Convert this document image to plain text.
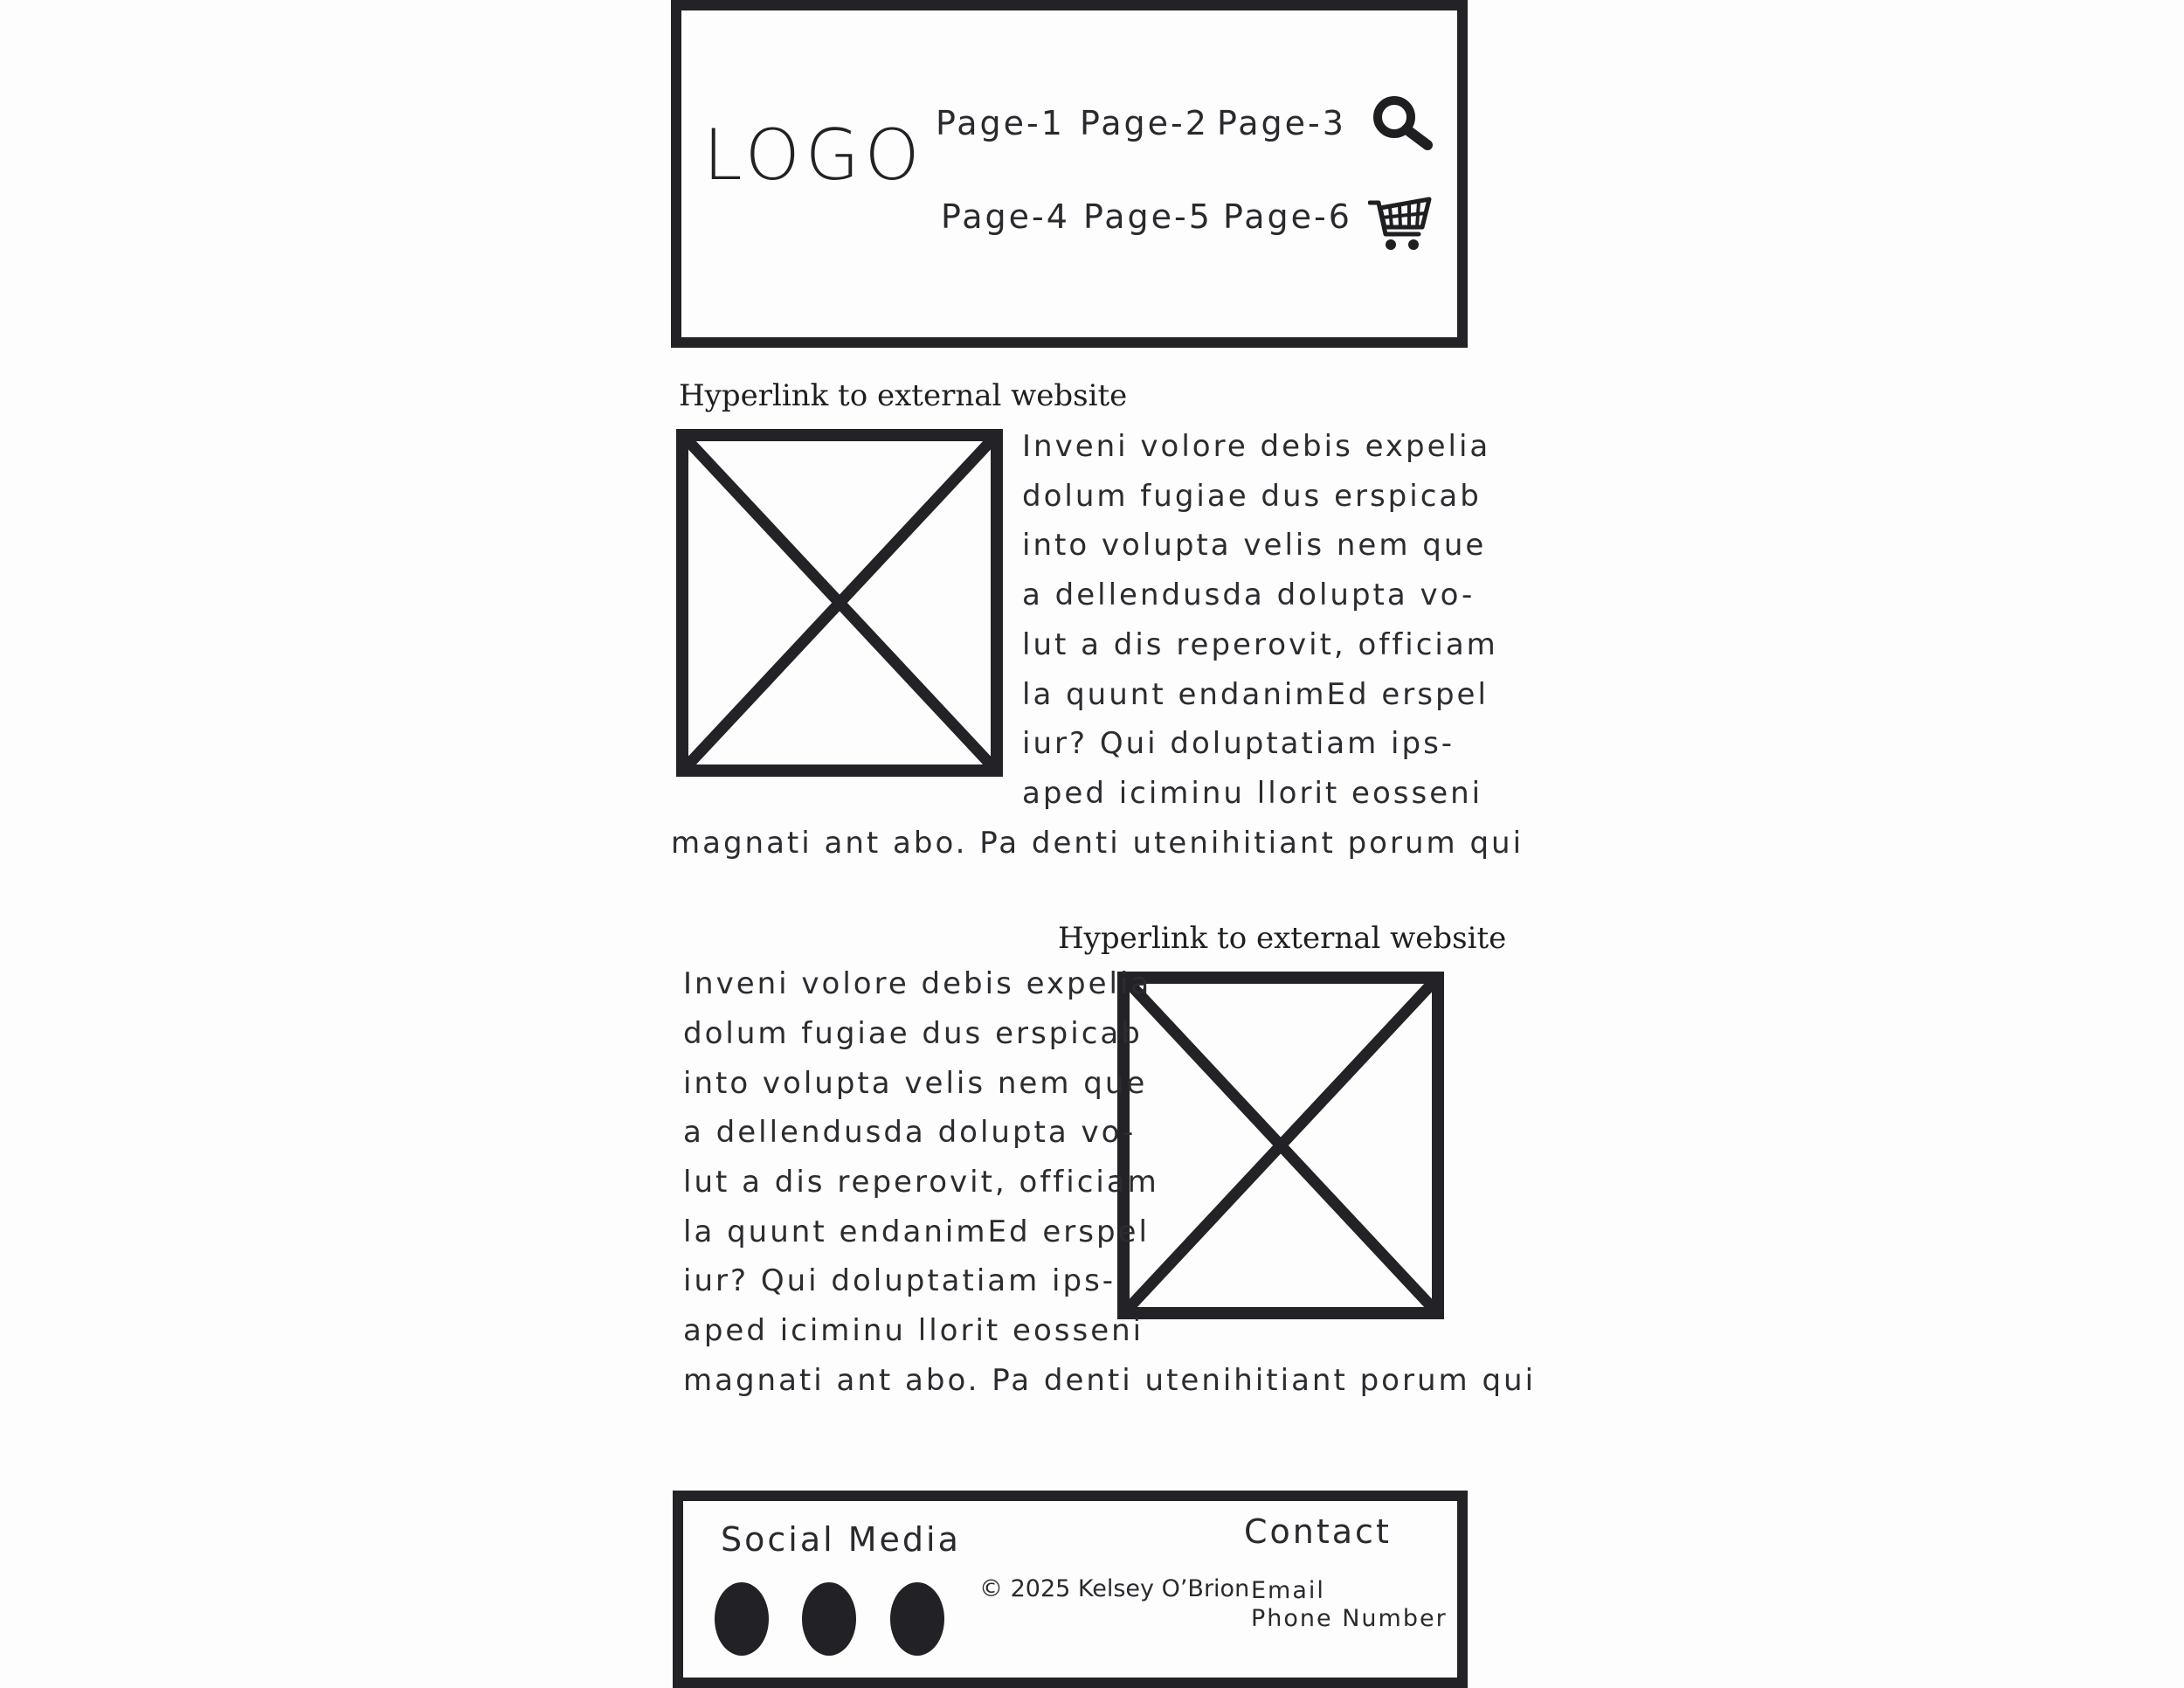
LOGO Page-1 Page-2 Page-3
Page-4 Page-5 Page-6
Hyperlink to external website
Inveni volore debis expelia
dolum fugiae dus erspicab
into volupta velis nem que
a dellendusda dolupta vo-
lut a dis reperovit, officiam
la quunt endanimEd erspel
iur? Qui doluptatiam ips-
aped iciminu llorit eosseni
magnati ant abo. Pa denti utenihitiant porum qui
Hyperlink to external website
Inveni volore debis expelia
dolum fugiae dus erspicab
into volupta velis nem que
a dellendusda dolupta vo-
lut a dis reperovit, officiam
la quunt endanimEd erspel
iur? Qui doluptatiam ips-
aped iciminu llorit eosseni
magnati ant abo. Pa denti utenihitiant porum qui
Social Media
© 2025 Kelsey O’Brion
Contact
Email
Phone Number
